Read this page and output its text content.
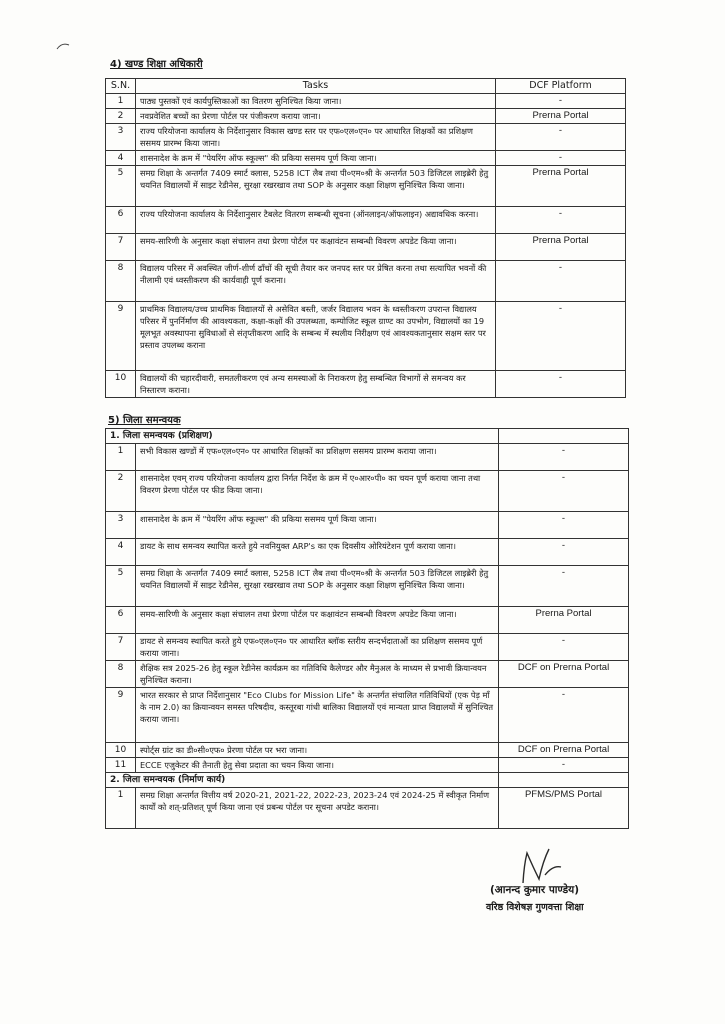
4) खण्ड शिक्षा अधिकारी
S.N.	Tasks	DCF Platform
1	पाठ्य पुस्तकों एवं कार्यपुस्तिकाओं का वितरण सुनिश्चित किया जाना।	-
2	नवप्रवेशित बच्चों का प्रेरणा पोर्टल पर पंजीकरण कराया जाना।	Prerna Portal
3	राज्य परियोजना कार्यालय के निर्देशानुसार विकास खण्ड स्तर पर एफ०एल०एन० पर आधारित शिक्षकों का प्रशिक्षण ससमय प्रारम्भ किया जाना।	-
4	शासनादेश के क्रम में "पेयरिंग ऑफ स्कूल्स" की प्रकिया ससमय पूर्ण किया जाना।	-
5	समग्र शिक्षा के अन्तर्गत 7409 स्मार्ट क्लास, 5258 ICT लैब तथा पी०एम०श्री के अन्तर्गत 503 डिजिटल लाइब्रेरी हेतु चयनित विद्यालयों में साइट रेडीनेस, सुरक्षा रखरखाव तथा SOP के अनुसार कक्षा शिक्षण सुनिश्चित किया जाना।	Prerna Portal
6	राज्य परियोजना कार्यालय के निर्देशानुसार टैबलेट वितरण सम्बन्धी सूचना (ऑनलाइन/ऑफलाइन) अद्यावधिक करना।	-
7	समय-सारिणी के अनुसार कक्षा संचालन तथा प्रेरणा पोर्टल पर कक्षावंटन सम्बन्धी विवरण अपडेट किया जाना।	Prerna Portal
8	विद्यालय परिसर में अवस्थित जीर्ण-शीर्ण ढाँचों की सूची तैयार कर जनपद स्तर पर प्रेषित करना तथा सत्यापित भवनों की नीलामी एवं ध्वस्तीकरण की कार्यवाही पूर्ण कराना।	-
9	प्राथमिक विद्यालय/उच्च प्राथमिक विद्यालयों से असेवित बस्ती, जर्जर विद्यालय भवन के ध्वस्तीकरण उपरान्त विद्यालय परिसर में पुनर्निर्माण की आवश्यकता, कक्षा-कक्षों की उपलब्धता, कम्पोजिट स्कूल ग्राण्ट का उपभोग, विद्यालयों का 19 मूलभूत अवस्थापना सुविधाओं से संतृप्तीकरण आदि के सम्बन्ध में स्थलीय निरीक्षण एवं आवश्यकतानुसार सक्षम स्तर पर प्रस्ताव उपलब्ध कराना	-
10	विद्यालयों की चहारदीवारी, समतलीकरण एवं अन्य समस्याओं के निराकरण हेतु सम्बन्धित विभागों से समन्वय कर निस्तारण कराना।	-
5) जिला समन्वयक
1. जिला समन्वयक (प्रशिक्षण)		
1	सभी विकास खण्डों में एफ०एल०एन० पर आधारित शिक्षकों का प्रशिक्षण ससमय प्रारम्भ कराया जाना।	-
2	शासनादेश एवम् राज्य परियोजना कार्यालय द्वारा निर्गत निर्देश के क्रम में ए०आर०पी० का चयन पूर्ण कराया जाना तथा विवरण प्रेरणा पोर्टल पर फीड किया जाना।	-
3	शासनादेश के क्रम में "पेयरिंग ऑफ स्कूल्स" की प्रकिया ससमय पूर्ण किया जाना।	-
4	डायट के साथ समन्वय स्थापित करते हुये नवनियुक्त ARP's का एक दिवसीय ओरियंटेशन पूर्ण कराया जाना।	-
5	समग्र शिक्षा के अन्तर्गत 7409 स्मार्ट क्लास, 5258 ICT लैब तथा पी०एम०श्री के अन्तर्गत 503 डिजिटल लाइब्रेरी हेतु चयनित विद्यालयों में साइट रेडीनेस, सुरक्षा रखरखाव तथा SOP के अनुसार कक्षा शिक्षण सुनिश्चित किया जाना।	-
6	समय-सारिणी के अनुसार कक्षा संचालन तथा प्रेरणा पोर्टल पर कक्षावंटन सम्बन्धी विवरण अपडेट किया जाना।	Prerna Portal
7	डायट से समन्वय स्थापित करते हुये एफ०एल०एन० पर आधारित ब्लॉक स्तरीय सन्दर्भदाताओं का प्रशिक्षण ससमय पूर्ण कराया जाना।	-
8	शैक्षिक सत्र 2025-26 हेतु स्कूल रेडीनेस कार्यक्रम का गतिविधि कैलेण्डर और मैनुअल के माध्यम से प्रभावी क्रियान्वयन सुनिश्चित कराना।	DCF on Prerna Portal
9	भारत सरकार से प्राप्त निर्देशानुसार "Eco Clubs for Mission Life" के अन्तर्गत संचालित गतिविधियों (एक पेड़ माँ के नाम 2.0) का क्रियान्वयन समस्त परिषदीय, कस्तूरबा गांधी बालिका विद्यालयों एवं मान्यता प्राप्त विद्यालयों में सुनिश्चित कराया जाना।	-
10	स्पोर्ट्स ग्रांट का डी०सी०एफ० प्रेरणा पोर्टल पर भरा जाना।	DCF on Prerna Portal
11	ECCE एजुकेटर की तैनाती हेतु सेवा प्रदाता का चयन किया जाना।	-
2. जिला समन्वयक (निर्माण कार्य)		
1	समग्र शिक्षा अन्तर्गत वित्तीय वर्ष 2020-21, 2021-22, 2022-23, 2023-24 एवं 2024-25 में स्वीकृत निर्माण कार्यों को शत्-प्रतिशत् पूर्ण किया जाना एवं प्रबन्ध पोर्टल पर सूचना अपडेट कराना।	PFMS/PMS Portal
(आनन्द कुमार पाण्डेय)
वरिष्ठ विशेषज्ञ गुणवत्ता शिक्षा
